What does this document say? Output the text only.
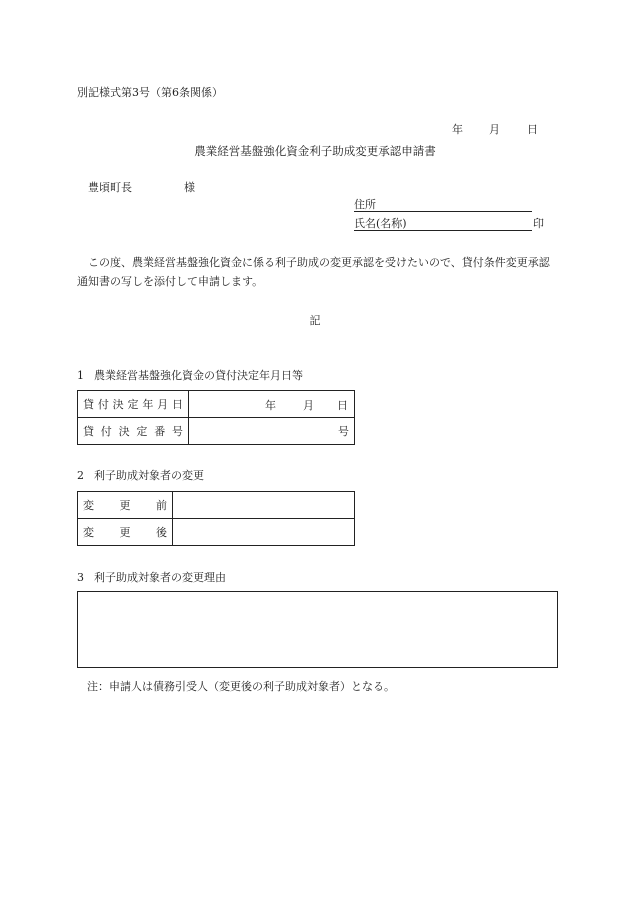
別記様式第3号（第6条関係）
年 月 日
農業経営基盤強化資金利子助成変更承認申請書
豊頃町長	様
住所
氏名(名称)	印
この度、農業経営基盤強化資金に係る利子助成の変更承認を受けたいので、貸付条件変更承認通知書の写しを添付して申請します。
記
1 農業経営基盤強化資金の貸付決定年月日等
貸付決定年月日	年 月 日

貸付決定番号	号
2 利子助成対象者の変更
変更前	
変更後	
3 利子助成対象者の変更理由
注：申請人は債務引受人（変更後の利子助成対象者）となる。
